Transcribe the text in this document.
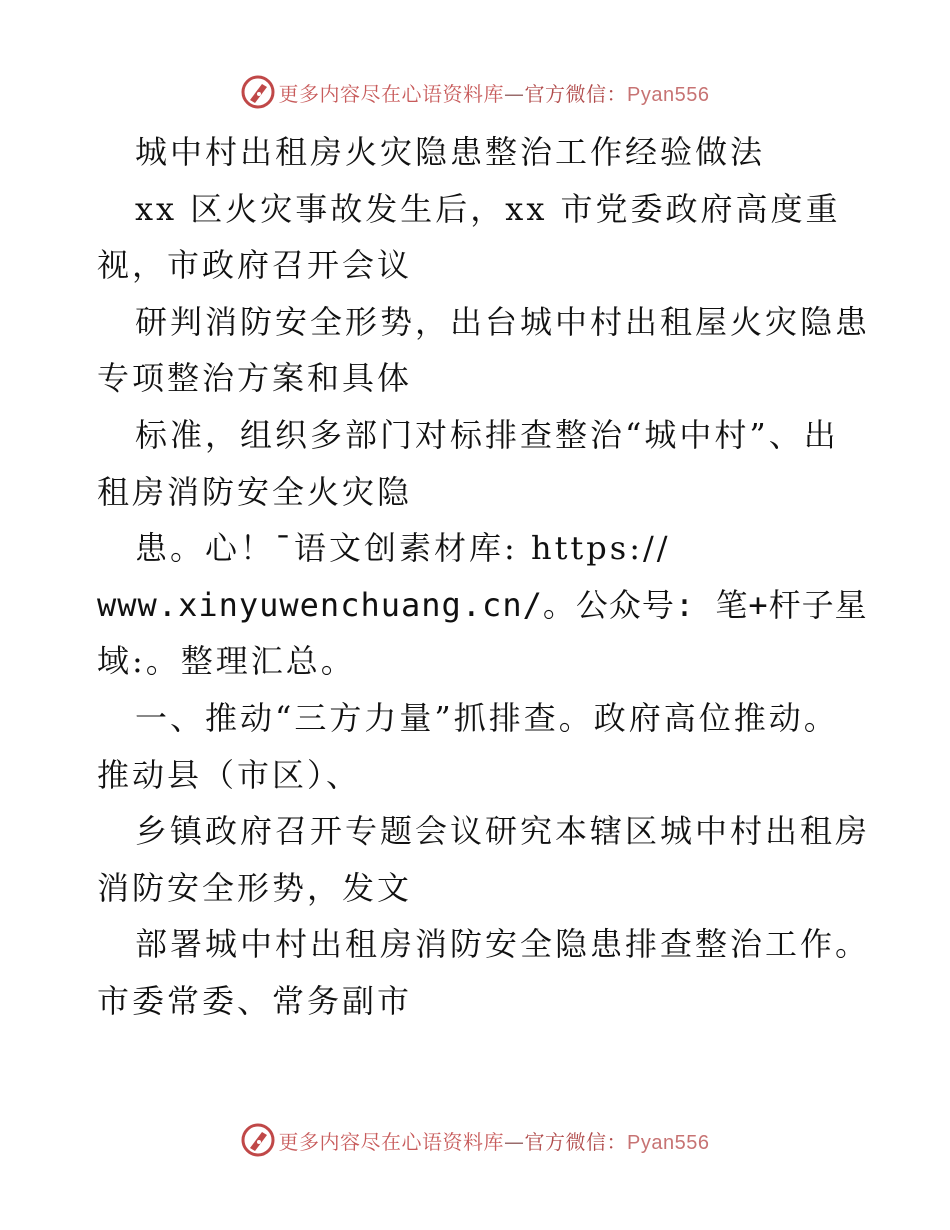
更多内容尽在心语资料库—官方微信：Pyan556
城中村出租房火灾隐患整治工作经验做法
xx 区火灾事故发生后，xx 市党委政府高度重
视，市政府召开会议
研判消防安全形势，出台城中村出租屋火灾隐患
专项整治方案和具体
标准，组织多部门对标排查整治“城中村”、出
租房消防安全火灾隐
患。心！¯语文创素材库: https://
www.xinyuwenchuang.cn/。公众号: 笔+杆子星
域:。整理汇总。
一、推动“三方力量”抓排查。政府高位推动。
推动县（市区）、
乡镇政府召开专题会议研究本辖区城中村出租房
消防安全形势，发文
部署城中村出租房消防安全隐患排查整治工作。
市委常委、常务副市
更多内容尽在心语资料库—官方微信：Pyan556
